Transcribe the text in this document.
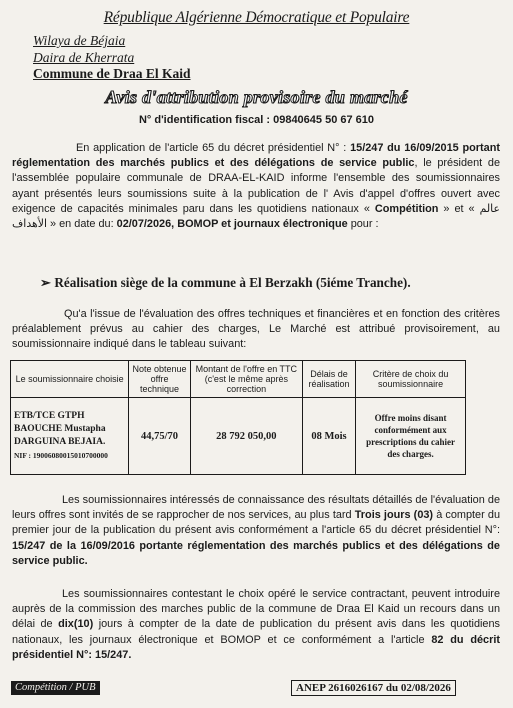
République Algérienne Démocratique et Populaire
Wilaya de Béjaia
Daira de Kherrata
Commune de Draa El Kaid
Avis d'attribution provisoire du marché
N° d'identification fiscal : 09840645 50 67 610
En application de l'article 65 du décret présidentiel N° : 15/247 du 16/09/2015 portant réglementation des marchés publics et des délégations de service public, le président de l'assemblée populaire communale de DRAA-EL-KAID informe l'ensemble des soumissionnaires ayant présentés leurs soumissions suite à la publication de l' Avis d'appel d'offres ouvert avec exigence de capacités minimales paru dans les quotidiens nationaux « Compétition » et « عالم الأهداف » en date du: 02/07/2026, BOMOP et journaux électronique pour :
➢ Réalisation siège de la commune à El Berzakh (5iéme Tranche).
Qu'a l'issue de l'évaluation des offres techniques et financières et en fonction des critères préalablement prévus au cahier des charges, Le Marché est attribué provisoirement, au soumissionnaire indiqué dans le tableau suivant:
Le soumissionnaire choisie	Note obtenue offre technique	Montant de l'offre en TTC (c'est le même après correction	Délais de réalisation	Critère de choix du soumissionnaire

ETB/TCE GTPH
BAOUCHE Mustapha
DARGUINA BEJAIA.
NIF : 19006080015010700000	44,75/70	28 792 050,00	08 Mois	Offre moins disant conformément aux prescriptions du cahier des charges.
Les soumissionnaires intéressés de connaissance des résultats détaillés de l'évaluation de leurs offres sont invités de se rapprocher de nos services, au plus tard Trois jours (03) à compter du premier jour de la publication du présent avis conformément a l'article 65 du décret présidentiel N°: 15/247 de la 16/09/2016 portante réglementation des marchés publics et des délégations de service public.
Les soumissionnaires contestant le choix opéré le service contractant, peuvent introduire auprès de la commission des marches public de la commune de Draa El Kaid un recours dans un délai de dix(10) jours à compter de la date de publication du présent avis dans les quotidiens nationaux, les journaux électronique et BOMOP et ce conformément a l'article 82 du décrit présidentiel N°: 15/247.
Compétition / PUB	ANEP 2616026167 du 02/08/2026
